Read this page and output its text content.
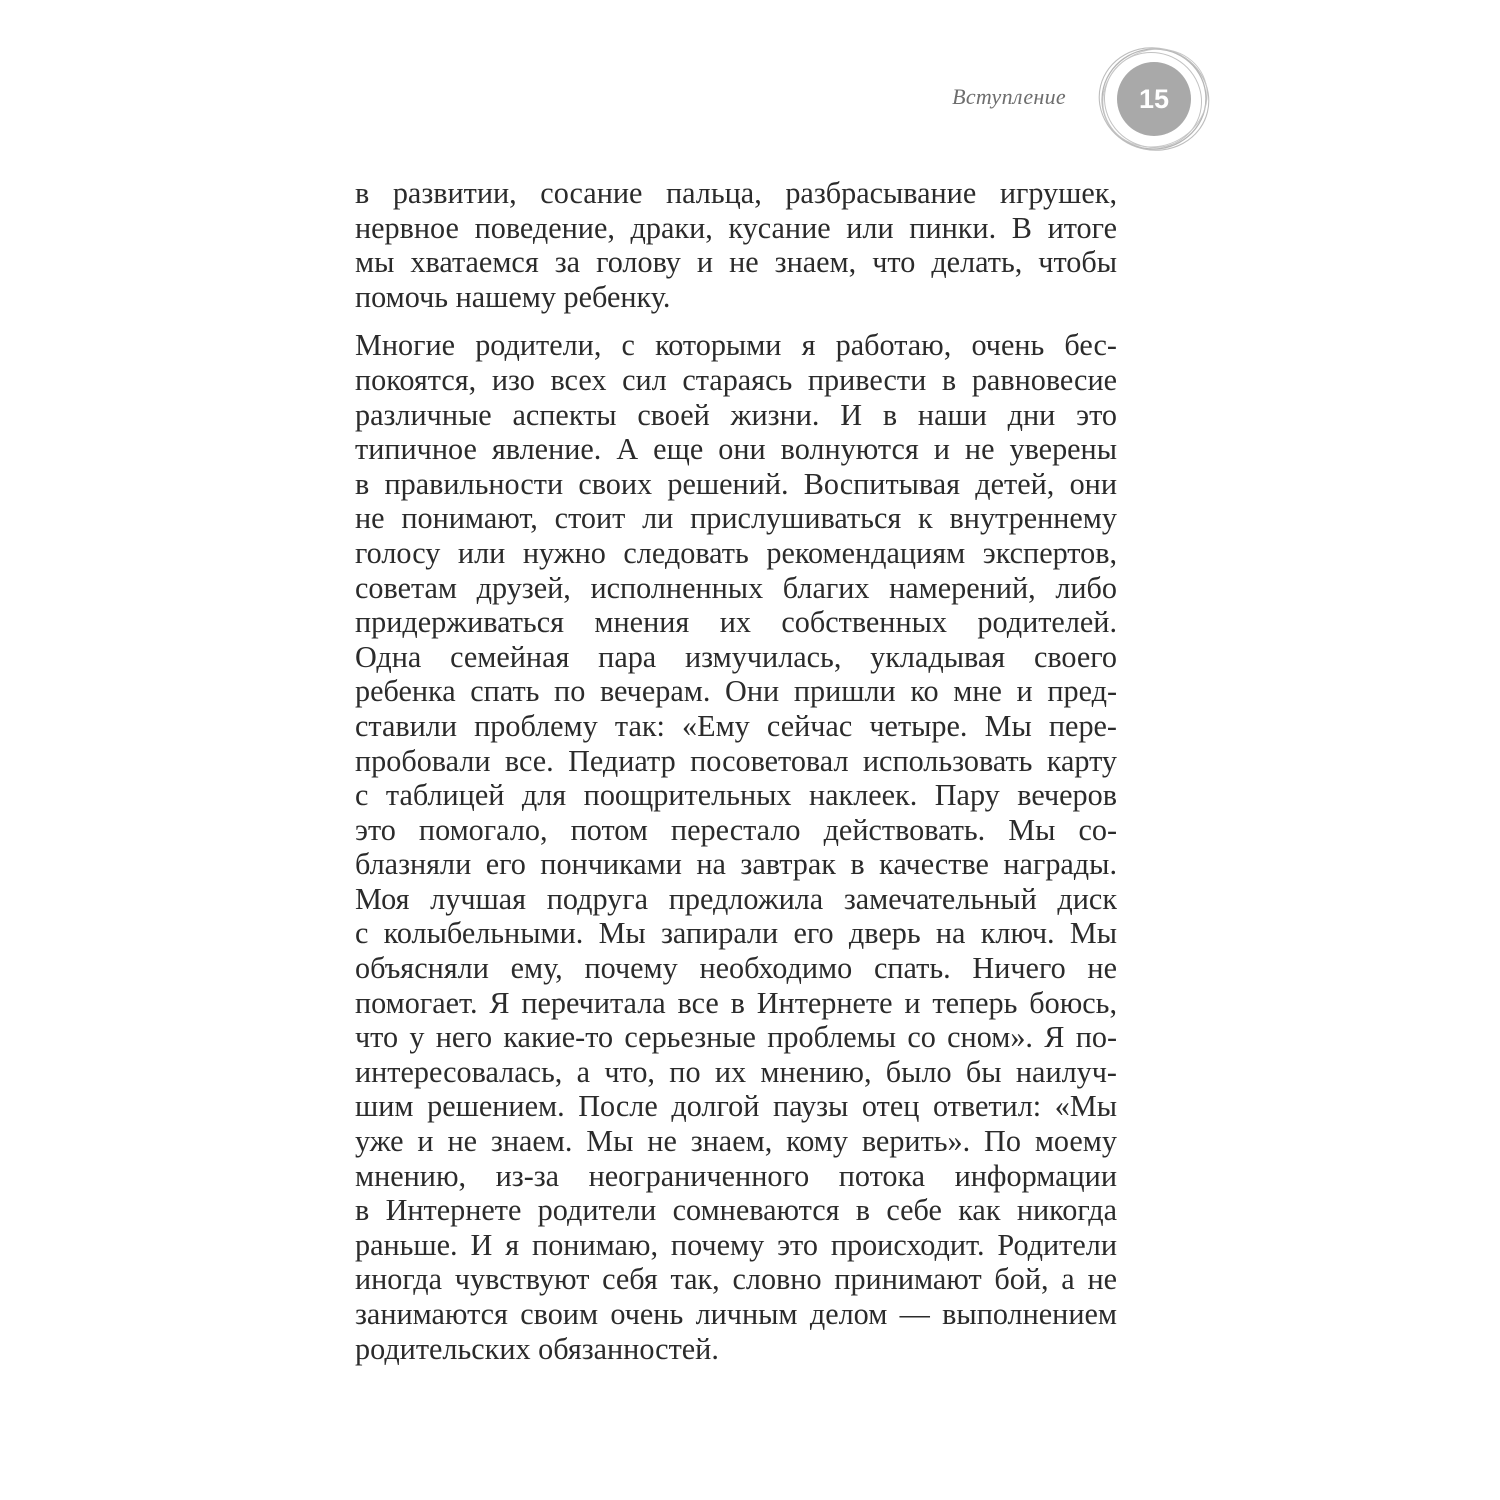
Вступление	15
в развитии, сосание пальца, разбрасывание игрушек,
нервное поведение, драки, кусание или пинки. В итоге
мы хватаемся за голову и не знаем, что делать, чтобы
помочь нашему ребенку.
Многие родители, с которыми я работаю, очень бес-
покоятся, изо всех сил стараясь привести в равновесие
различные аспекты своей жизни. И в наши дни это
типичное явление. А еще они волнуются и не уверены
в правильности своих решений. Воспитывая детей, они
не понимают, стоит ли прислушиваться к внутреннему
голосу или нужно следовать рекомендациям экспертов,
советам друзей, исполненных благих намерений, либо
придерживаться мнения их собственных родителей.
Одна семейная пара измучилась, укладывая своего
ребенка спать по вечерам. Они пришли ко мне и пред-
ставили проблему так: «Ему сейчас четыре. Мы пере-
пробовали все. Педиатр посоветовал использовать карту
с таблицей для поощрительных наклеек. Пару вечеров
это помогало, потом перестало действовать. Мы со-
блазняли его пончиками на завтрак в качестве награды.
Моя лучшая подруга предложила замечательный диск
с колыбельными. Мы запирали его дверь на ключ. Мы
объясняли ему, почему необходимо спать. Ничего не
помогает. Я перечитала все в Интернете и теперь боюсь,
что у него какие-то серьезные проблемы со сном». Я по-
интересовалась, а что, по их мнению, было бы наилуч-
шим решением. После долгой паузы отец ответил: «Мы
уже и не знаем. Мы не знаем, кому верить». По моему
мнению, из-за неограниченного потока информации
в Интернете родители сомневаются в себе как никогда
раньше. И я понимаю, почему это происходит. Родители
иногда чувствуют себя так, словно принимают бой, а не
занимаются своим очень личным делом — выполнением
родительских обязанностей.
